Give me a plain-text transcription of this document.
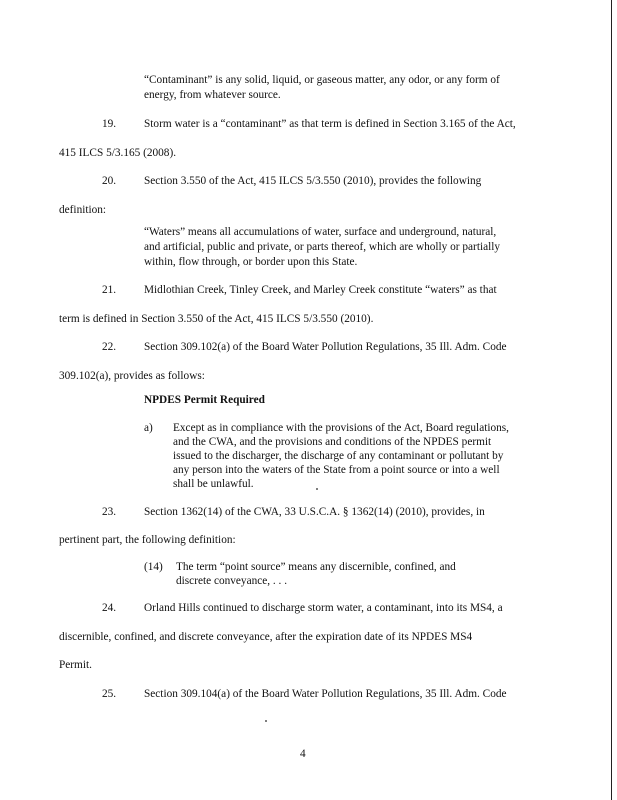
“Contaminant” is any solid, liquid, or gaseous matter, any odor, or any form of
energy, from whatever source.
19. Storm water is a “contaminant” as that term is defined in Section 3.165 of the Act,
415 ILCS 5/3.165 (2008).
20. Section 3.550 of the Act, 415 ILCS 5/3.550 (2010), provides the following
definition:
“Waters” means all accumulations of water, surface and underground, natural,
and artificial, public and private, or parts thereof, which are wholly or partially
within, flow through, or border upon this State.
21. Midlothian Creek, Tinley Creek, and Marley Creek constitute “waters” as that
term is defined in Section 3.550 of the Act, 415 ILCS 5/3.550 (2010).
22. Section 309.102(a) of the Board Water Pollution Regulations, 35 Ill. Adm. Code
309.102(a), provides as follows:
NPDES Permit Required
a) Except as in compliance with the provisions of the Act, Board regulations,
and the CWA, and the provisions and conditions of the NPDES permit
issued to the discharger, the discharge of any contaminant or pollutant by
any person into the waters of the State from a point source or into a well
shall be unlawful.
23. Section 1362(14) of the CWA, 33 U.S.C.A. § 1362(14) (2010), provides, in
pertinent part, the following definition:
(14) The term “point source” means any discernible, confined, and
discrete conveyance, . . .
24. Orland Hills continued to discharge storm water, a contaminant, into its MS4, a
discernible, confined, and discrete conveyance, after the expiration date of its NPDES MS4
Permit.
25. Section 309.104(a) of the Board Water Pollution Regulations, 35 Ill. Adm. Code
4
